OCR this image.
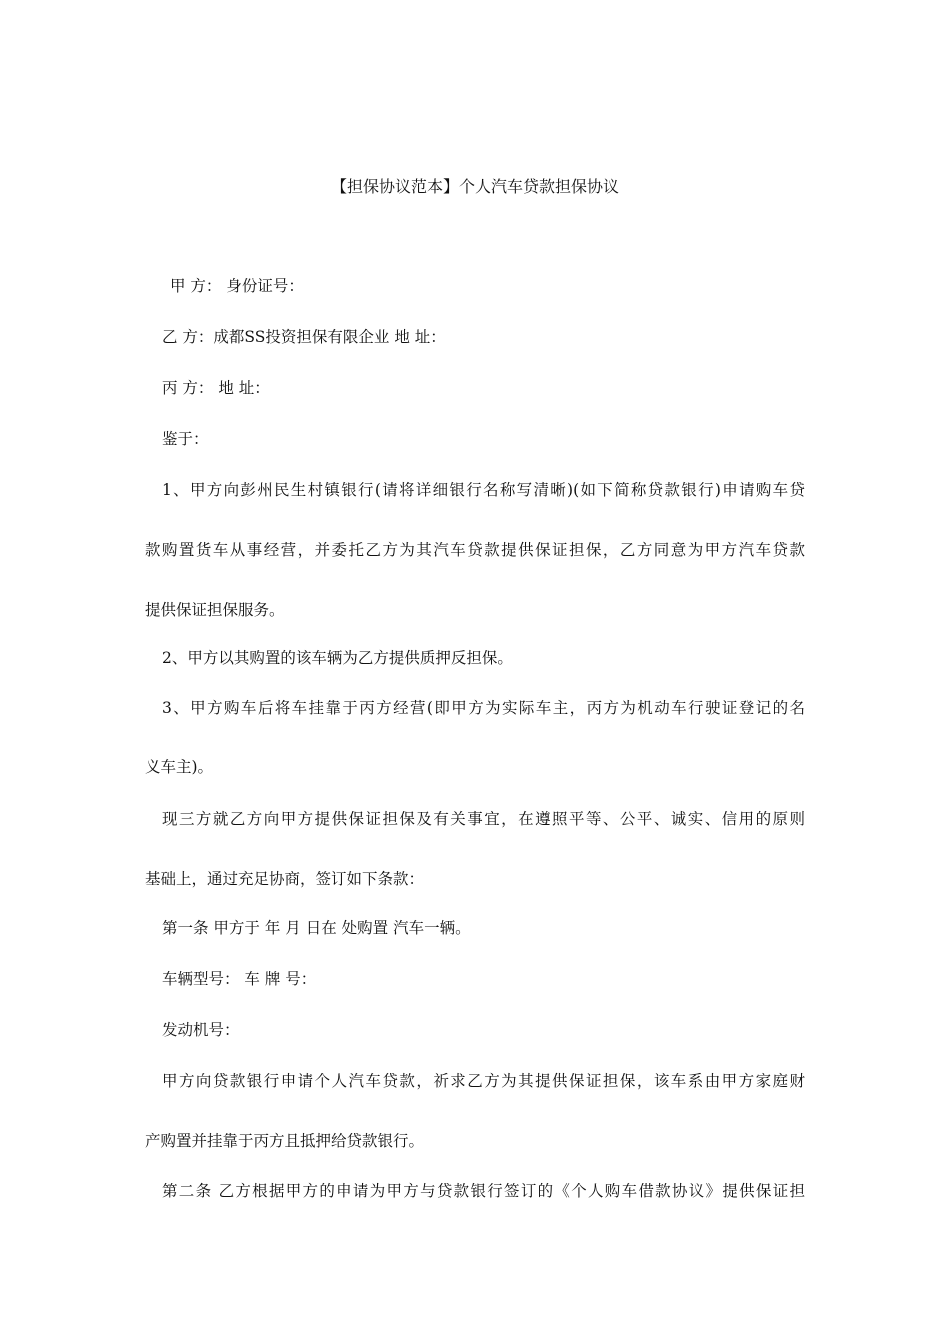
【担保协议范本】个人汽车贷款担保协议
甲 方： 身份证号：
乙 方：成都SS投资担保有限企业 地 址：
丙 方： 地 址：
鉴于：
1、甲方向彭州民生村镇银行(请将详细银行名称写清晰)(如下简称贷款银行)申请购车贷
款购置货车从事经营，并委托乙方为其汽车贷款提供保证担保，乙方同意为甲方汽车贷款
提供保证担保服务。
2、甲方以其购置的该车辆为乙方提供质押反担保。
3、甲方购车后将车挂靠于丙方经营(即甲方为实际车主，丙方为机动车行驶证登记的名
义车主)。
现三方就乙方向甲方提供保证担保及有关事宜，在遵照平等、公平、诚实、信用的原则
基础上，通过充足协商，签订如下条款：
第一条 甲方于 年 月 日在 处购置 汽车一辆。
车辆型号： 车 牌 号：
发动机号：
甲方向贷款银行申请个人汽车贷款，祈求乙方为其提供保证担保，该车系由甲方家庭财
产购置并挂靠于丙方且抵押给贷款银行。
第二条 乙方根据甲方的申请为甲方与贷款银行签订的《个人购车借款协议》提供保证担
